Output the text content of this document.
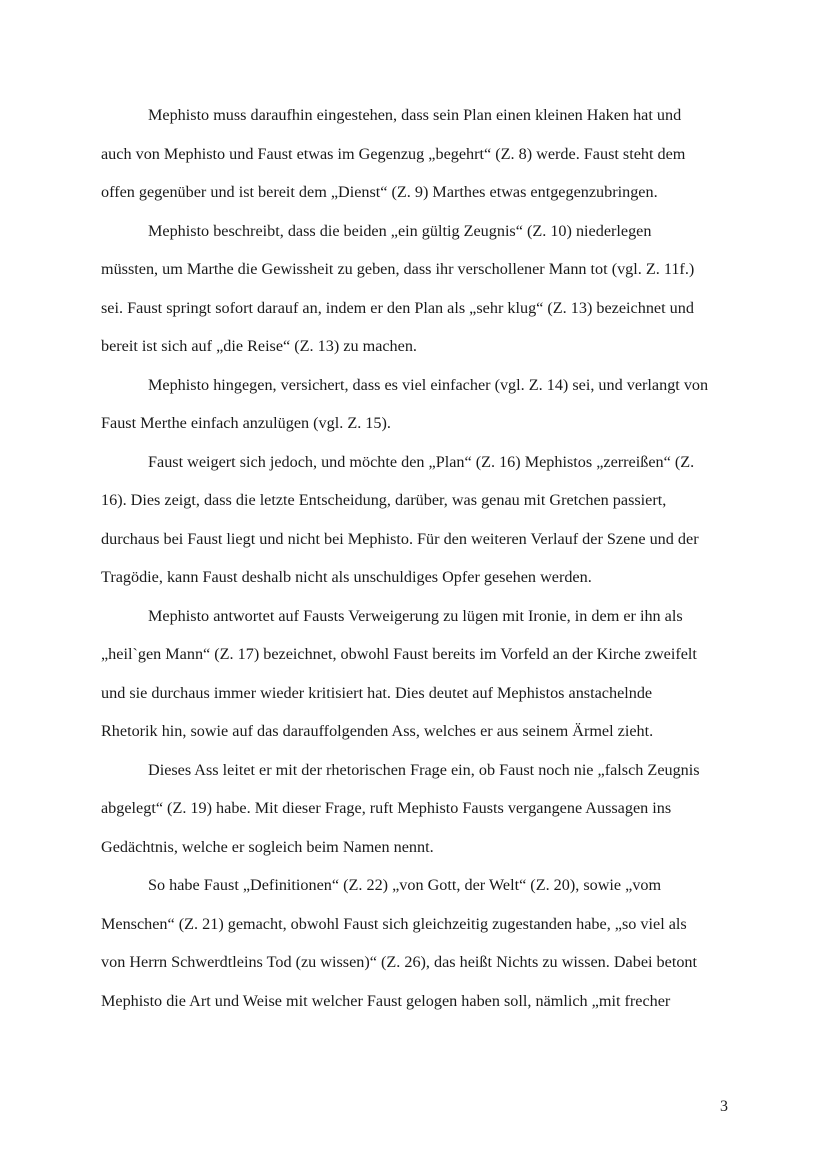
Mephisto muss daraufhin eingestehen, dass sein Plan einen kleinen Haken hat und
auch von Mephisto und Faust etwas im Gegenzug „begehrt“ (Z. 8) werde. Faust steht dem
offen gegenüber und ist bereit dem „Dienst“ (Z. 9) Marthes etwas entgegenzubringen.

Mephisto beschreibt, dass die beiden „ein gültig Zeugnis“ (Z. 10) niederlegen
müssten, um Marthe die Gewissheit zu geben, dass ihr verschollener Mann tot (vgl. Z. 11f.)
sei. Faust springt sofort darauf an, indem er den Plan als „sehr klug“ (Z. 13) bezeichnet und
bereit ist sich auf „die Reise“ (Z. 13) zu machen.

Mephisto hingegen, versichert, dass es viel einfacher (vgl. Z. 14) sei, und verlangt von
Faust Merthe einfach anzulügen (vgl. Z. 15).

Faust weigert sich jedoch, und möchte den „Plan“ (Z. 16) Mephistos „zerreißen“ (Z.
16). Dies zeigt, dass die letzte Entscheidung, darüber, was genau mit Gretchen passiert,
durchaus bei Faust liegt und nicht bei Mephisto. Für den weiteren Verlauf der Szene und der
Tragödie, kann Faust deshalb nicht als unschuldiges Opfer gesehen werden.

Mephisto antwortet auf Fausts Verweigerung zu lügen mit Ironie, in dem er ihn als
„heil`gen Mann“ (Z. 17) bezeichnet, obwohl Faust bereits im Vorfeld an der Kirche zweifelt
und sie durchaus immer wieder kritisiert hat. Dies deutet auf Mephistos anstachelnde
Rhetorik hin, sowie auf das darauffolgenden Ass, welches er aus seinem Ärmel zieht.

Dieses Ass leitet er mit der rhetorischen Frage ein, ob Faust noch nie „falsch Zeugnis
abgelegt“ (Z. 19) habe. Mit dieser Frage, ruft Mephisto Fausts vergangene Aussagen ins
Gedächtnis, welche er sogleich beim Namen nennt.

So habe Faust „Definitionen“ (Z. 22) „von Gott, der Welt“ (Z. 20), sowie „vom
Menschen“ (Z. 21) gemacht, obwohl Faust sich gleichzeitig zugestanden habe, „so viel als
von Herrn Schwerdtleins Tod (zu wissen)“ (Z. 26), das heißt Nichts zu wissen. Dabei betont
Mephisto die Art und Weise mit welcher Faust gelogen haben soll, nämlich „mit frecher

3
